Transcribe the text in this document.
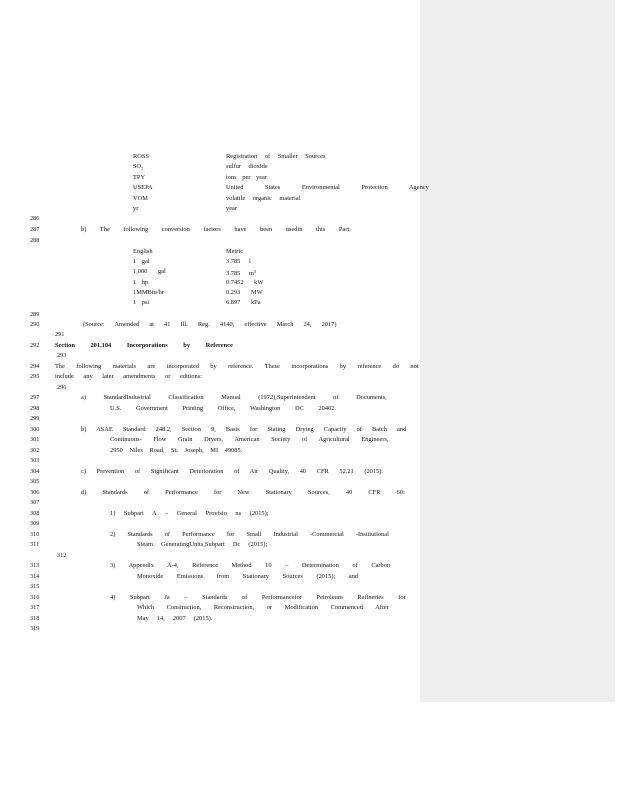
ROSS	Registration of Smaller Sources
SO₂	sulfur dioxide
TPY	tons per year
USEPA	United States Environmental Protection Agency
VOM	volatile organic material
yr	year
286
287
288
289
290
291
292
293
294
295
296
297
298
299
300
301
302
303
304
305
306
307
308
309
310
311
312
313
314
315
316
317
318
319
b) The following conversion factors have been usedin this Part:
English	Metric
1 gal	3.785 l
1,000 gal	3.785 $m^3$
1 hp	0.7452 kW
1MMBtu/hr	0.293 MW
1 psi	6.897 kPa
(Source: Amended at 41 Ill. Reg. 4140, effective March 24, 2017)
Section 201.104 Incorporations by Reference
The following materials are incorporated by reference. These incorporations by reference do not
include any later amendments or editions:
a) StandardIndustrial Classification Manual (1972),Superintendent of Documents,
U.S. Government Printing Office, Washington DC 20402.
b) ASAE Standard 248.2, Section 9, Basis for Stating Drying Capacity of Batch and
Continuous- Flow Grain Dryers, American Society of Agricultural Engineers,
2950 Niles Road, St. Joseph, MI 49085.
c) Prevention of Significant Deterioration of Air Quality, 40 CFR 52.21 (2015).
d) Standards of Performance for New Stationary Sources, 40 CFR 60:
1) Subpart A – General Provisio ns (2015);
2) Standards of Performance for Small Industrial -Commercial -Institutional
Steam GeneratingUnits,Subpart Dc (2015);
3) Appendix A-4, Reference Method 10 – Determination of Carbon
Monoxide Emissions from Stationary Sources (2015); and
4) Subpart Ja – Standards of Performancefor Petroleum Refineries for
Which Construction, Reconstruction, or Modification Commenced After
May 14, 2007 (2015).
